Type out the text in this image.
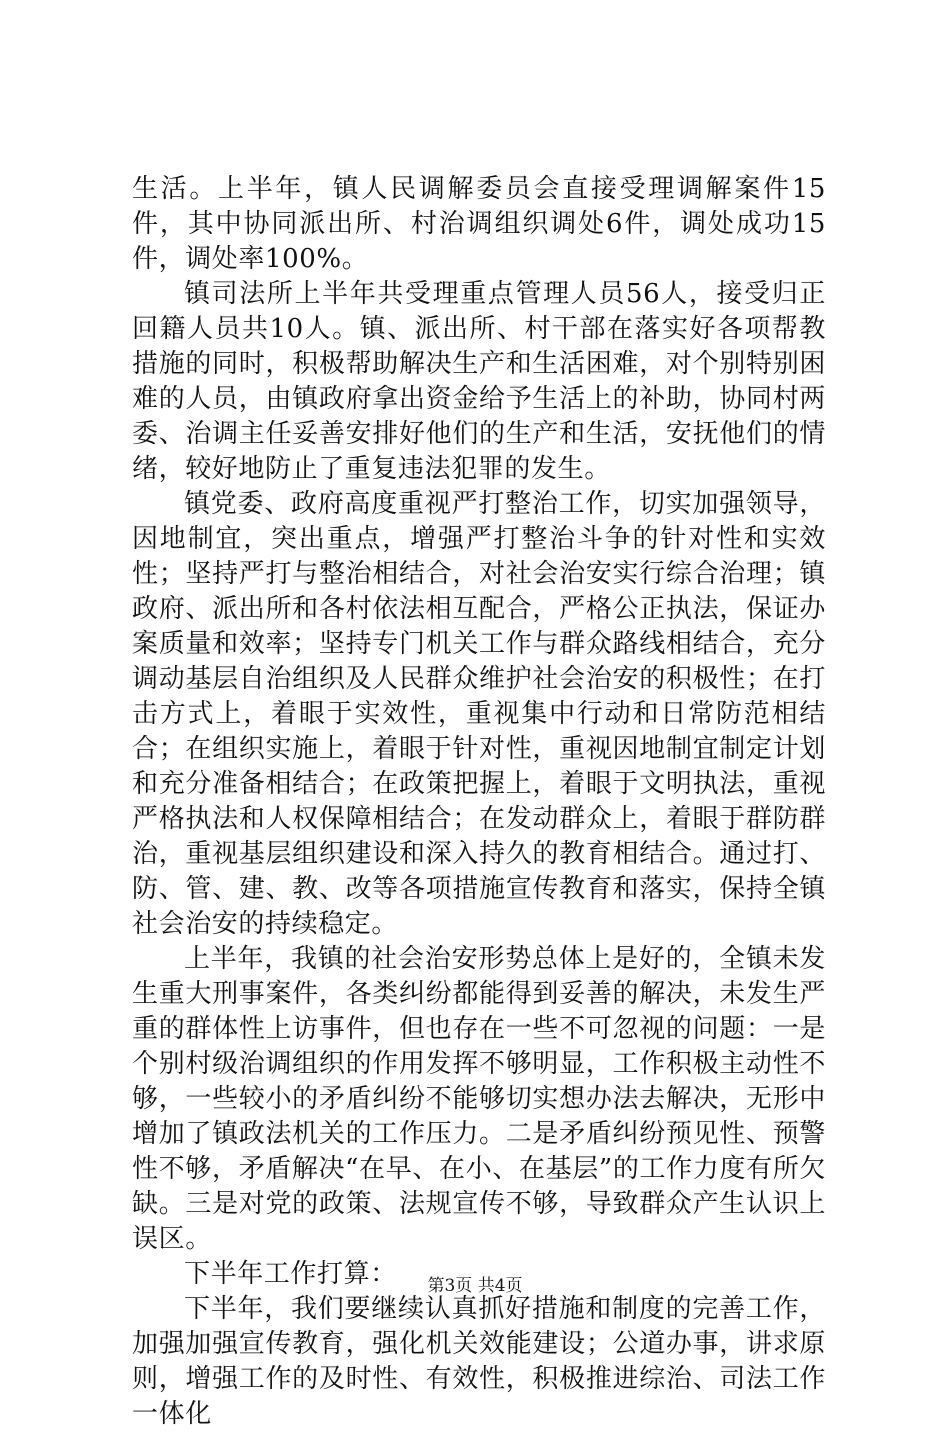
生活。上半年，镇人民调解委员会直接受理调解案件15件，其中协同派出所、村治调组织调处6件，调处成功15件，调处率100%。

镇司法所上半年共受理重点管理人员56人，接受归正回籍人员共10人。镇、派出所、村干部在落实好各项帮教措施的同时，积极帮助解决生产和生活困难，对个别特别困难的人员，由镇政府拿出资金给予生活上的补助，协同村两委、治调主任妥善安排好他们的生产和生活，安抚他们的情绪，较好地防止了重复违法犯罪的发生。

镇党委、政府高度重视严打整治工作，切实加强领导，因地制宜，突出重点，增强严打整治斗争的针对性和实效性；坚持严打与整治相结合，对社会治安实行综合治理；镇政府、派出所和各村依法相互配合，严格公正执法，保证办案质量和效率；坚持专门机关工作与群众路线相结合，充分调动基层自治组织及人民群众维护社会治安的积极性；在打击方式上，着眼于实效性，重视集中行动和日常防范相结合；在组织实施上，着眼于针对性，重视因地制宜制定计划和充分准备相结合；在政策把握上，着眼于文明执法，重视严格执法和人权保障相结合；在发动群众上，着眼于群防群治，重视基层组织建设和深入持久的教育相结合。通过打、防、管、建、教、改等各项措施宣传教育和落实，保持全镇社会治安的持续稳定。

上半年，我镇的社会治安形势总体上是好的，全镇未发生重大刑事案件，各类纠纷都能得到妥善的解决，未发生严重的群体性上访事件，但也存在一些不可忽视的问题：一是个别村级治调组织的作用发挥不够明显，工作积极主动性不够，一些较小的矛盾纠纷不能够切实想办法去解决，无形中增加了镇政法机关的工作压力。二是矛盾纠纷预见性、预警性不够，矛盾解决“在早、在小、在基层”的工作力度有所欠缺。三是对党的政策、法规宣传不够，导致群众产生认识上误区。

下半年工作打算：

下半年，我们要继续认真抓好措施和制度的完善工作，加强加强宣传教育，强化机关效能建设；公道办事，讲求原则，增强工作的及时性、有效性，积极推进综治、司法工作一体化

第3页 共4页
